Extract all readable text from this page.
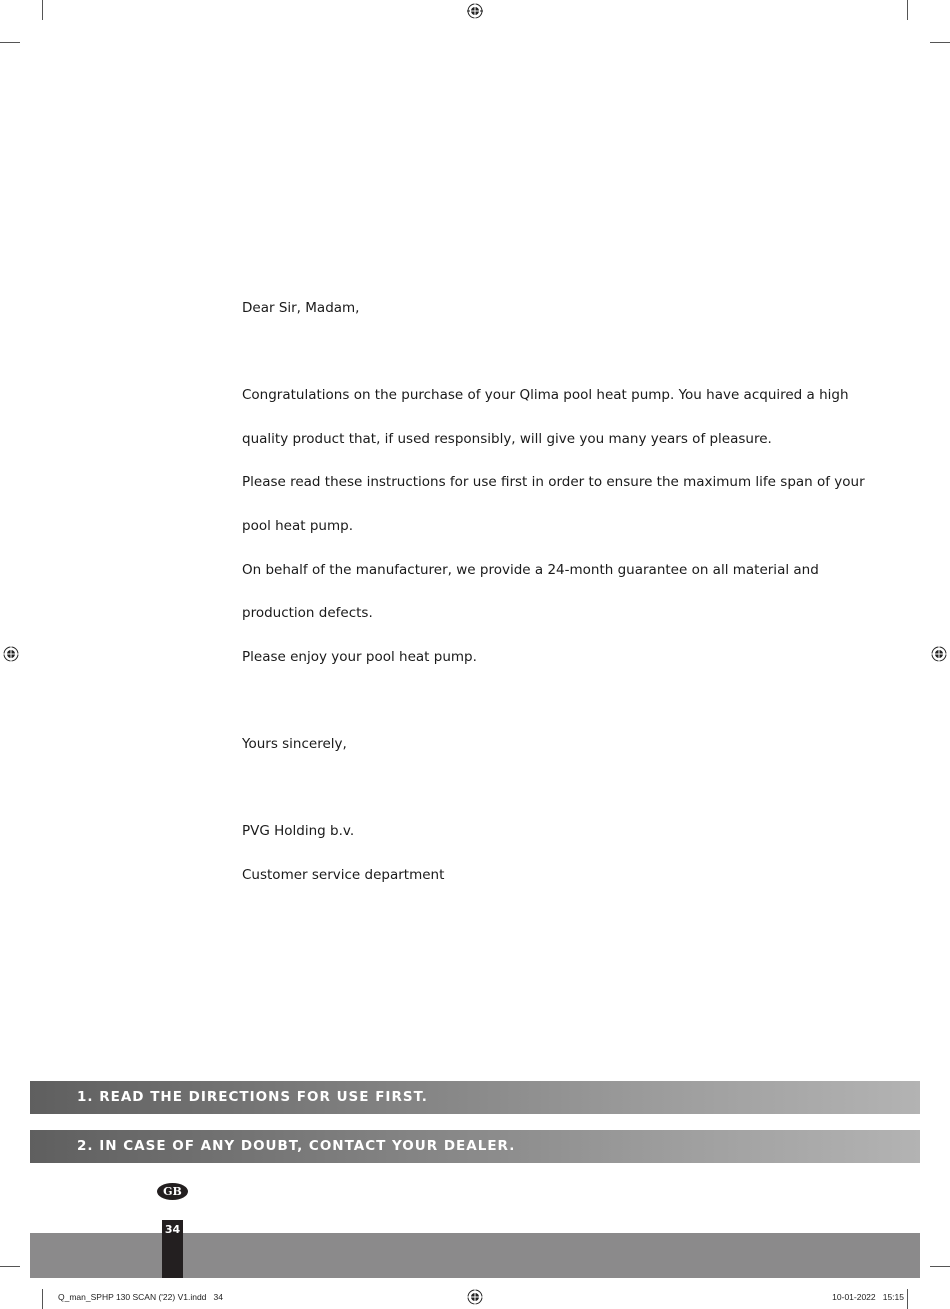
Dear Sir, Madam,
Congratulations on the purchase of your Qlima pool heat pump. You have acquired a high
quality product that, if used responsibly, will give you many years of pleasure.
Please read these instructions for use first in order to ensure the maximum life span of your
pool heat pump.
On behalf of the manufacturer, we provide a 24-month guarantee on all material and
production defects.
Please enjoy your pool heat pump.
Yours sincerely,
PVG Holding b.v.
Customer service department
1. READ THE DIRECTIONS FOR USE FIRST.
2. IN CASE OF ANY DOUBT, CONTACT YOUR DEALER.
GB
34
Q_man_SPHP 130 SCAN ('22) V1.indd   34	10-01-2022   15:15
